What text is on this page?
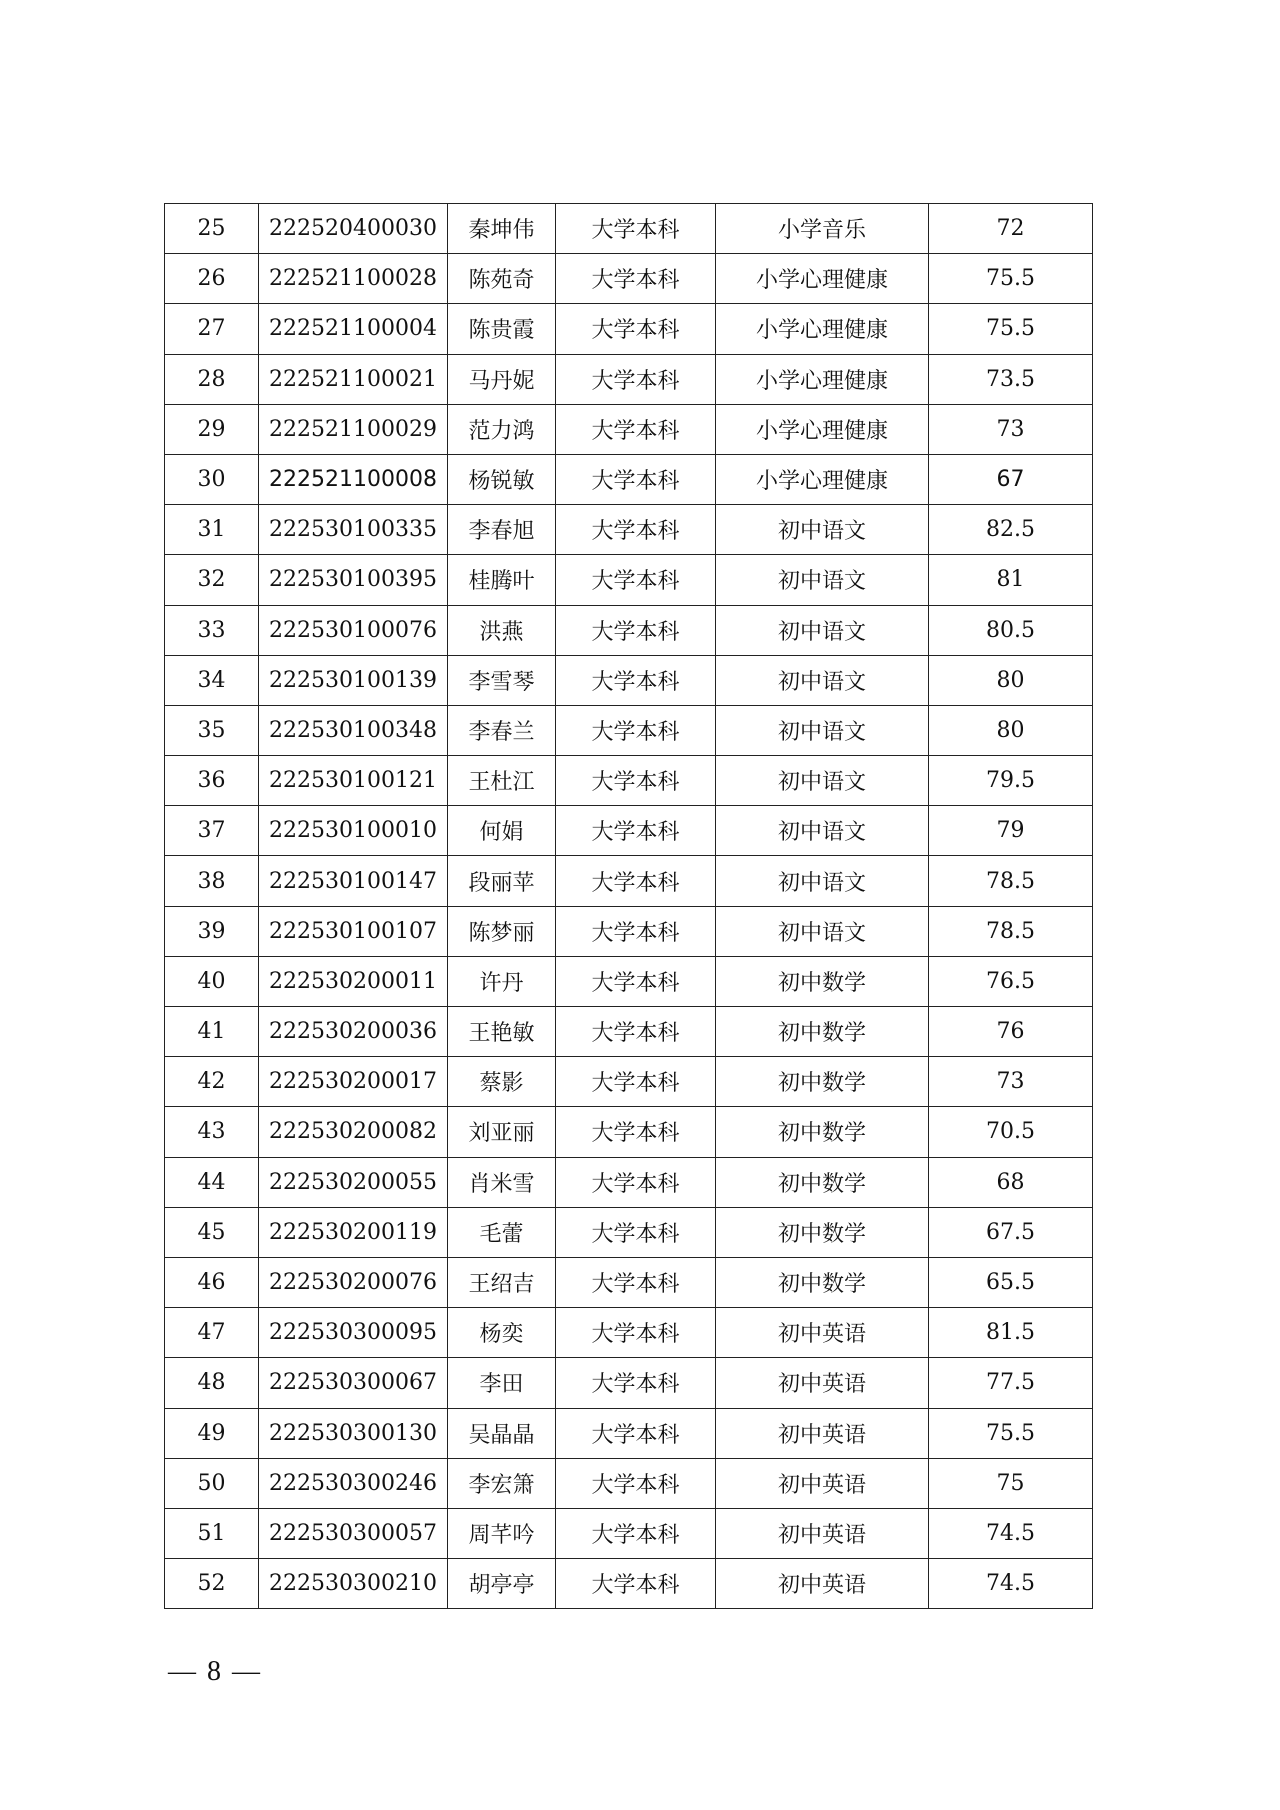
25	222520400030	秦坤伟	大学本科	小学音乐	72
26	222521100028	陈苑奇	大学本科	小学心理健康	75.5
27	222521100004	陈贵霞	大学本科	小学心理健康	75.5
28	222521100021	马丹妮	大学本科	小学心理健康	73.5
29	222521100029	范力鸿	大学本科	小学心理健康	73
30	222521100008	杨锐敏	大学本科	小学心理健康	67
31	222530100335	李春旭	大学本科	初中语文	82.5
32	222530100395	桂腾叶	大学本科	初中语文	81
33	222530100076	洪燕	大学本科	初中语文	80.5
34	222530100139	李雪琴	大学本科	初中语文	80
35	222530100348	李春兰	大学本科	初中语文	80
36	222530100121	王杜江	大学本科	初中语文	79.5
37	222530100010	何娟	大学本科	初中语文	79
38	222530100147	段丽苹	大学本科	初中语文	78.5
39	222530100107	陈梦丽	大学本科	初中语文	78.5
40	222530200011	许丹	大学本科	初中数学	76.5
41	222530200036	王艳敏	大学本科	初中数学	76
42	222530200017	蔡影	大学本科	初中数学	73
43	222530200082	刘亚丽	大学本科	初中数学	70.5
44	222530200055	肖米雪	大学本科	初中数学	68
45	222530200119	毛蕾	大学本科	初中数学	67.5
46	222530200076	王绍吉	大学本科	初中数学	65.5
47	222530300095	杨奕	大学本科	初中英语	81.5
48	222530300067	李田	大学本科	初中英语	77.5
49	222530300130	吴晶晶	大学本科	初中英语	75.5
50	222530300246	李宏箫	大学本科	初中英语	75
51	222530300057	周芊吟	大学本科	初中英语	74.5
52	222530300210	胡亭亭	大学本科	初中英语	74.5
— 8 —
